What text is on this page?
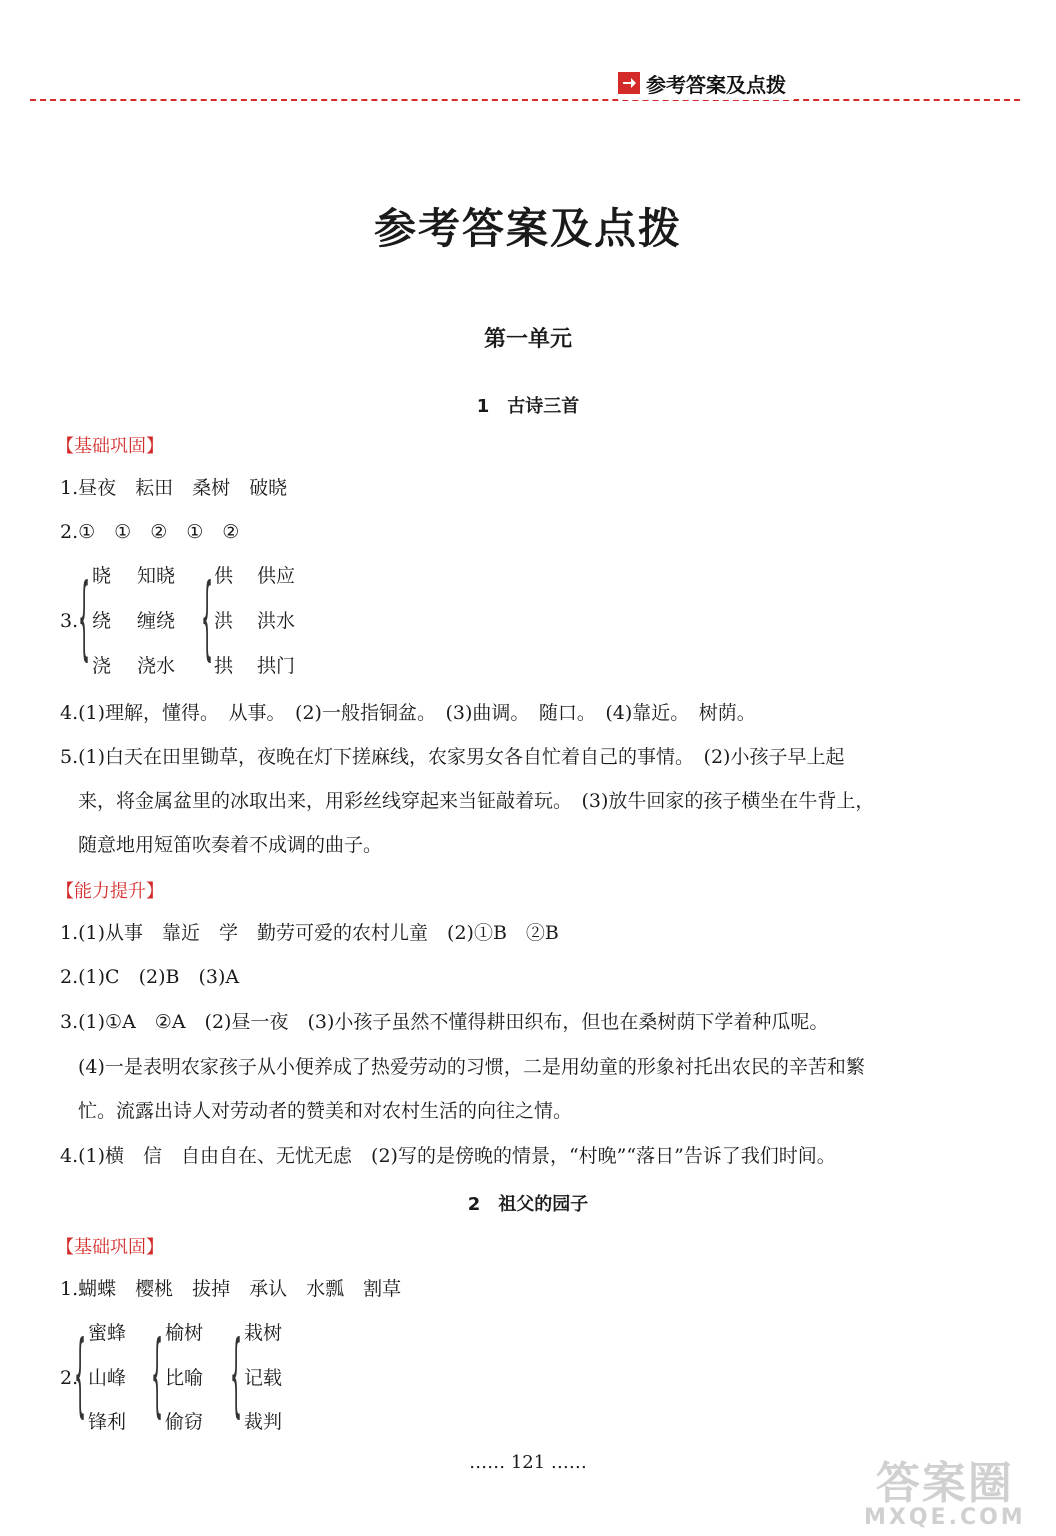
参考答案及点拨
参考答案及点拨
第一单元
1 古诗三首
【基础巩固】
1.昼夜　耘田　桑树　破晓
2.①　①　②　①　②
3. { 晓 知晓
绕 缠绕
浇 浇水 { 供 供应
洪 洪水
拱 拱门
4.(1)理解，懂得。　从事。　(2)一般指铜盆。　(3)曲调。　随口。　(4)靠近。　树荫。
5.(1)白天在田里锄草，夜晚在灯下搓麻线，农家男女各自忙着自己的事情。　(2)小孩子早上起
来，将金属盆里的冰取出来，用彩丝线穿起来当钲敲着玩。　(3)放牛回家的孩子横坐在牛背上，
随意地用短笛吹奏着不成调的曲子。
【能力提升】
1.(1)从事　靠近　学　勤劳可爱的农村儿童　(2)①B　②B
2.(1)C　(2)B　(3)A
3.(1)①A　②A　(2)昼一夜　(3)小孩子虽然不懂得耕田织布，但也在桑树荫下学着种瓜呢。
(4)一是表明农家孩子从小便养成了热爱劳动的习惯，二是用幼童的形象衬托出农民的辛苦和繁
忙。流露出诗人对劳动者的赞美和对农村生活的向往之情。
4.(1)横　信　自由自在、无忧无虑　(2)写的是傍晚的情景，“村晚”“落日”告诉了我们时间。
2 祖父的园子
【基础巩固】
1.蝴蝶　樱桃　拔掉　承认　水瓢　割草
2.
{ 蜜蜂
山峰
锋利 { 榆树
比喻
偷窃 { 栽树
记载
裁判
…… 121 ……	答案圈
MXQE.COM
